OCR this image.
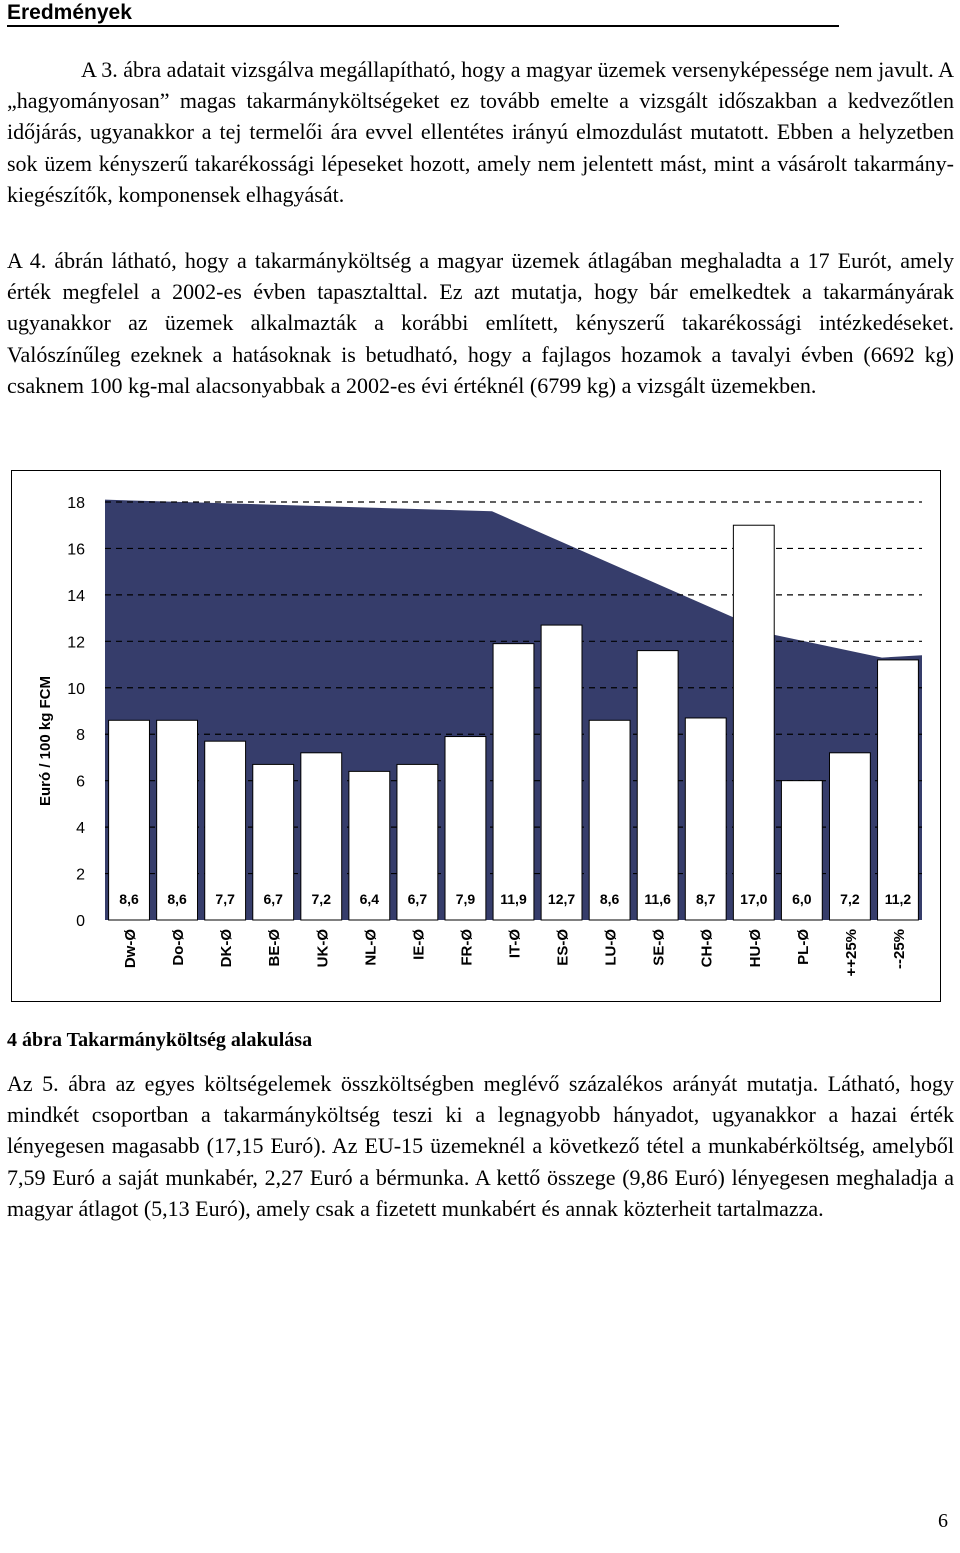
Eredmények

A 3. ábra adatait vizsgálva megállapítható, hogy a magyar üzemek versenyképessége nem javult. A „hagyományosan” magas takarmányköltségeket ez tovább emelte a vizsgált időszakban a kedvezőtlen időjárás, ugyanakkor a tej termelői ára evvel ellentétes irányú elmozdulást mutatott. Ebben a helyzetben sok üzem kényszerű takarékossági lépeseket hozott, amely nem jelentett mást, mint a vásárolt takarmány-kiegészítők, komponensek elhagyását.

A 4. ábrán látható, hogy a takarmányköltség a magyar üzemek átlagában meghaladta a 17 Eurót, amely érték megfelel a 2002-es évben tapasztalttal. Ez azt mutatja, hogy bár emelkedtek a takarmányárak ugyanakkor az üzemek alkalmazták a korábbi említett, kényszerű takarékossági intézkedéseket. Valószínűleg ezeknek a hatásoknak is betudható, hogy a fajlagos hozamok a tavalyi évben (6692 kg) csaknem 100 kg-mal alacsonyabbak a 2002-es évi értéknél (6799 kg) a vizsgált üzemekben.

0
2
4
6
8
10
12
14
16
18
Euró / 100 kg FCM
8,6 8,6 7,7 6,7 7,2 6,4 6,7 7,9 11,9 12,7 8,6 11,6 8,7 17,0 6,0 7,2 11,2
Dw-Ø Do-Ø DK-Ø BE-Ø UK-Ø NL-Ø IE-Ø FR-Ø IT-Ø ES-Ø LU-Ø SE-Ø CH-Ø HU-Ø PL-Ø ++25% --25%
4 ábra Takarmányköltség alakulása

Az 5. ábra az egyes költségelemek összköltségben meglévő százalékos arányát mutatja. Látható, hogy mindkét csoportban a takarmányköltség teszi ki a legnagyobb hányadot, ugyanakkor a hazai érték lényegesen magasabb (17,15 Euró). Az EU-15 üzemeknél a következő tétel a munkabérköltség, amelyből 7,59 Euró a saját munkabér, 2,27 Euró a bérmunka. A kettő összege (9,86 Euró) lényegesen meghaladja a magyar átlagot (5,13 Euró), amely csak a fizetett munkabért és annak közterheit tartalmazza.

6
